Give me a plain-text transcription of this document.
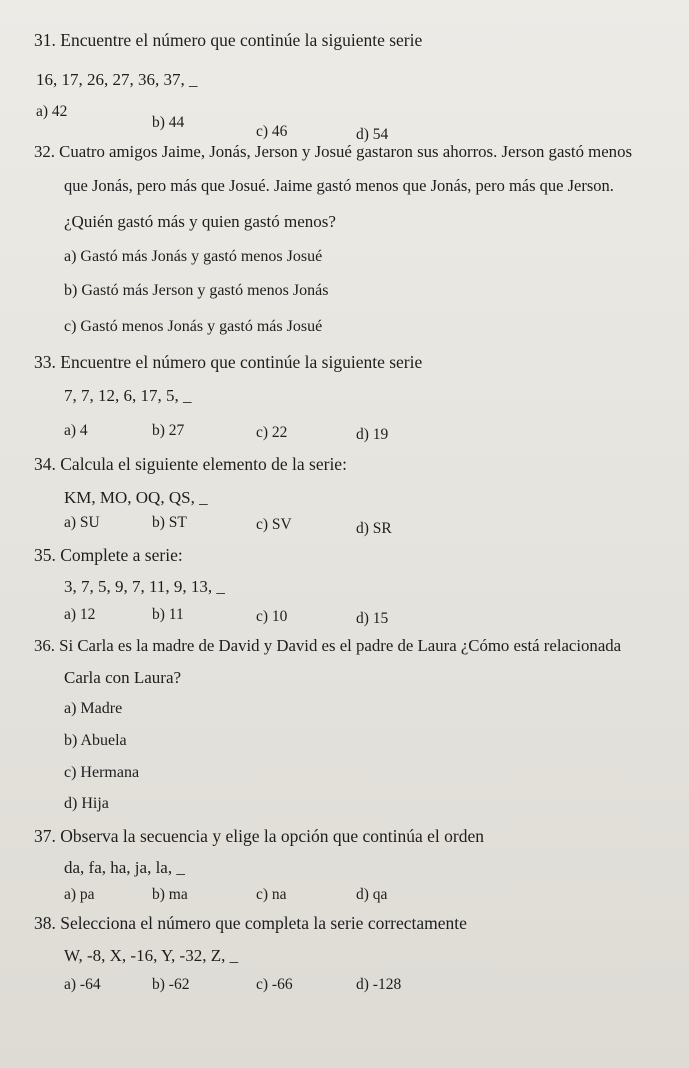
31. Encuentre el número que continúe la siguiente serie
16, 17, 26, 27, 36, 37, _
a) 42
b) 44
c) 46	d) 54
32. Cuatro amigos Jaime, Jonás, Jerson y Josué gastaron sus ahorros. Jerson gastó menos
que Jonás, pero más que Josué. Jaime gastó menos que Jonás, pero más que Jerson.
¿Quién gastó más y quien gastó menos?
a) Gastó más Jonás y gastó menos Josué
b) Gastó más Jerson y gastó menos Jonás
c) Gastó menos Jonás y gastó más Josué
33. Encuentre el número que continúe la siguiente serie
7, 7, 12, 6, 17, 5, _
a) 4	b) 27	c) 22	d) 19
34. Calcula el siguiente elemento de la serie:
KM, MO, OQ, QS, _
a) SU	b) ST	c) SV	d) SR
35. Complete a serie:
3, 7, 5, 9, 7, 11, 9, 13, _
a) 12	b) 11	c) 10	d) 15
36. Si Carla es la madre de David y David es el padre de Laura ¿Cómo está relacionada
Carla con Laura?
a) Madre
b) Abuela
c) Hermana
d) Hija
37. Observa la secuencia y elige la opción que continúa el orden
da, fa, ha, ja, la, _
a) pa	b) ma	c) na	d) qa
38. Selecciona el número que completa la serie correctamente
W, -8, X, -16, Y, -32, Z, _
a) -64	b) -62	c) -66	d) -128
